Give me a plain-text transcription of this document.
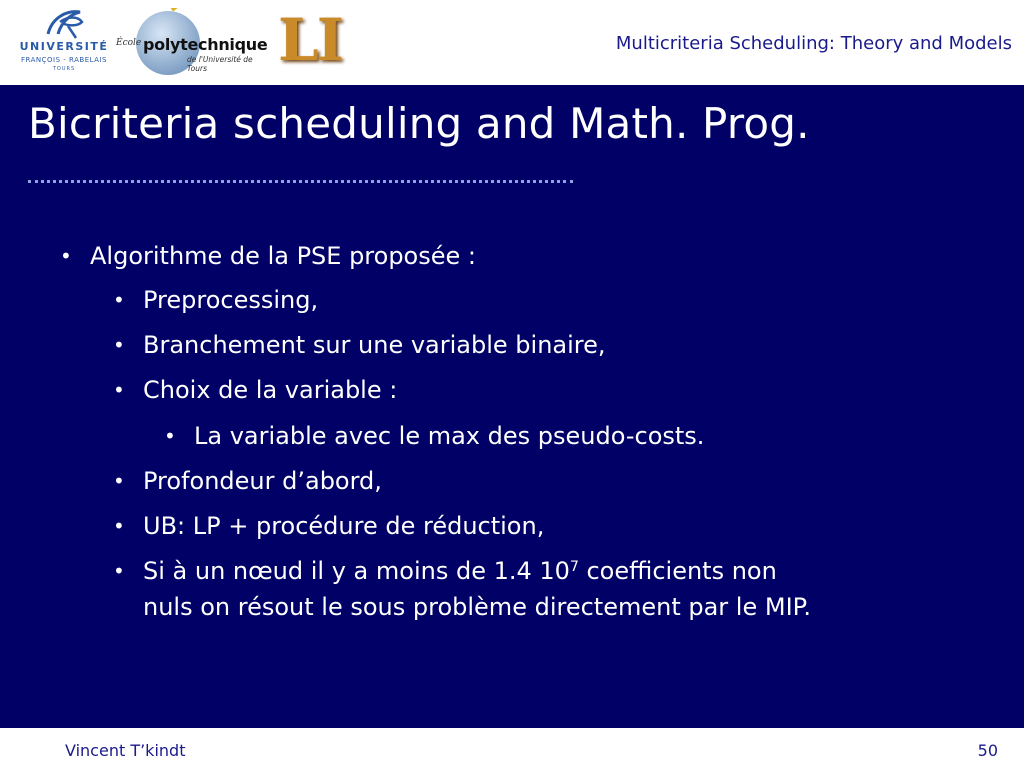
UNIVERSITÉ
FRANÇOIS - RABELAIS
TOURS
École polytechnique
de l'Université de Tours	LI	Multicriteria Scheduling: Theory and Models
Bicriteria scheduling and Math. Prog.
• Algorithme de la PSE proposée :
• Preprocessing,
• Branchement sur une variable binaire,
• Choix de la variable :
• La variable avec le max des pseudo-costs.
• Profondeur d’abord,
• UB: LP + procédure de réduction,
• Si à un nœud il y a moins de 1.4 $10^7$ coefficients non
nuls on résout le sous problème directement par le MIP.
Vincent T’kindt	50
